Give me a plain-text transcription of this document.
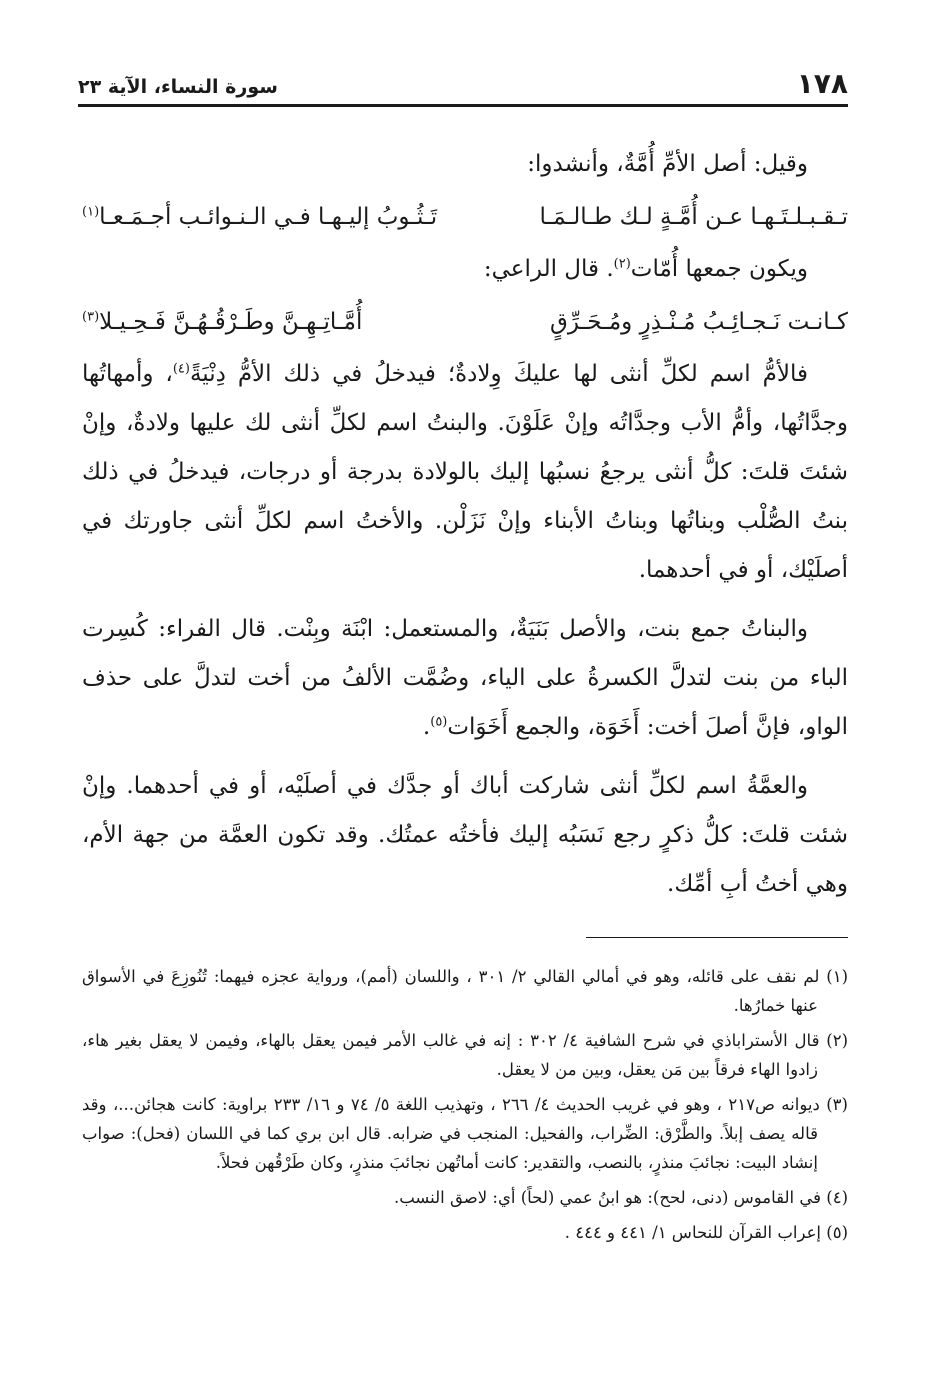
١٧٨
سورة النساء، الآية ٢٣

وقيل: أصل الأمِّ أُمَّةٌ، وأنشدوا:

تـقـبـلـتَـهـا عـن أُمَّـةٍ لـك طـالـمَـا
تَـثُـوبُ إليـهـا فـي الـنـوائـب أجـمَـعـا$^{(١)}$

ويكون جمعها أُمّات$^{(٢)}$. قال الراعي:

كـانـت نَـجـائِـبُ مُـنْـذِرٍ ومُـحَـرِّقٍ
أُمَّـاتِـهِـنَّ وطَـرْقُـهُـنَّ فَـحِـيـلا$^{(٣)}$

فالأمُّ اسم لكلِّ أنثى لها عليكَ وِلادةٌ؛ فيدخلُ في ذلك الأمُّ دِنْيَةً$^{(٤)}$، وأمهاتُها وجدَّاتُها، وأمُّ الأب وجدَّاتُه وإنْ عَلَوْنَ. والبنتُ اسم لكلِّ أنثى لك عليها ولادةٌ، وإنْ شئتَ قلتَ: كلُّ أنثى يرجعُ نسبُها إليك بالولادة بدرجة أو درجات، فيدخلُ في ذلك بنتُ الصُّلْب وبناتُها وبناتُ الأبناء وإنْ نَزَلْن. والأختُ اسم لكلِّ أنثى جاورتك في أصلَيْك، أو في أحدهما.

والبناتُ جمع بنت، والأصل بَنَيَةٌ، والمستعمل: ابْنَة وبِنْت. قال الفراء: كُسِرت الباء من بنت لتدلَّ الكسرةُ على الياء، وضُمَّت الألفُ من أخت لتدلَّ على حذف الواو، فإنَّ أصلَ أخت: أَخَوَة، والجمع أَخَوَات$^{(٥)}$.

والعمَّةُ اسم لكلِّ أنثى شاركت أباك أو جدَّك في أصلَيْه، أو في أحدهما. وإنْ شئت قلتَ: كلُّ ذكرٍ رجع نَسَبُه إليك فأختُه عمتُك. وقد تكون العمَّة من جهة الأم، وهي أختُ أبِ أمِّك.

(١) لم نقف على قائله، وهو في أمالي القالي ٢/ ٣٠١ ، واللسان (أمم)، ورواية عجزه فيهما: تُنُوزِعَ في الأسواق عنها خمارُها.

(٢) قال الأستراباذي في شرح الشافية ٤/ ٣٠٢ : إنه في غالب الأمر فيمن يعقل بالهاء، وفيمن لا يعقل بغير هاء، زادوا الهاء فرقاً بين مَن يعقل، وبين من لا يعقل.

(٣) ديوانه ص٢١٧ ، وهو في غريب الحديث ٤/ ٢٦٦ ، وتهذيب اللغة ٥/ ٧٤ و ١٦/ ٢٣٣ براوية: كانت هجائن...، وقد قاله يصف إبلاً. والطَّرْق: الضِّراب، والفحيل: المنجب في ضرابه. قال ابن بري كما في اللسان (فحل): صواب إنشاد البيت: نجائبَ منذرٍ، بالنصب، والتقدير: كانت أماتُهن نجائبَ منذرٍ، وكان طَرْقُهن فحلاً.

(٤) في القاموس (دنى، لحح): هو ابنُ عمي (لحاً) أي: لاصق النسب.

(٥) إعراب القرآن للنحاس ١/ ٤٤١ و ٤٤٤ .
